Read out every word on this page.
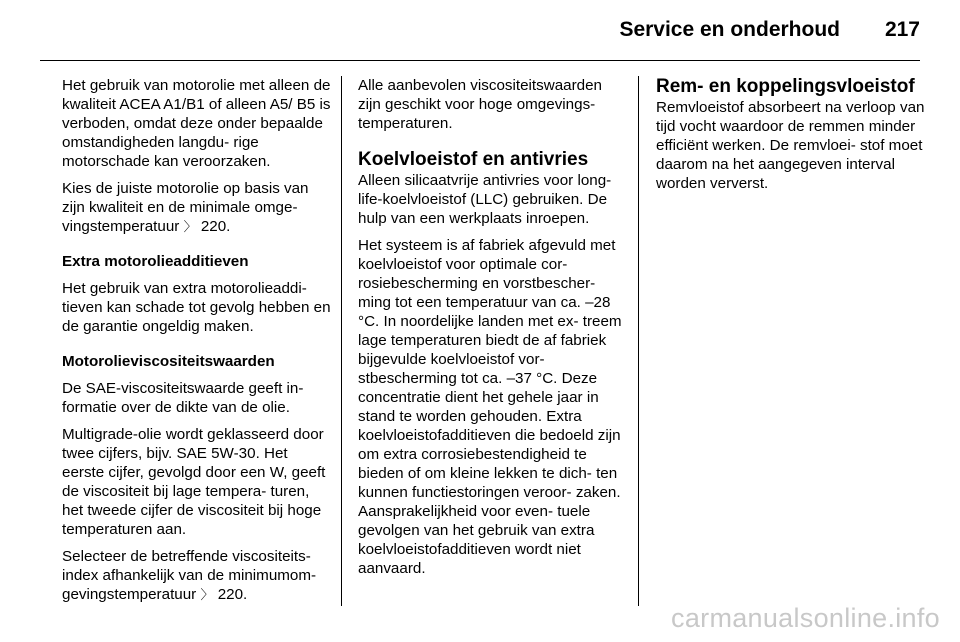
Service en onderhoud 217

Het gebruik van motorolie met alleen de kwaliteit ACEA A1/B1 of alleen A5/ B5 is verboden, omdat deze onder bepaalde omstandigheden langdu- rige motorschade kan veroorzaken.

Kies de juiste motorolie op basis van zijn kwaliteit en de minimale omge- vingstemperatuur 〉 220.

Extra motorolieadditieven

Het gebruik van extra motorolieaddi- tieven kan schade tot gevolg hebben en de garantie ongeldig maken.

Motorolieviscositeitswaarden

De SAE-viscositeitswaarde geeft in- formatie over de dikte van de olie.

Multigrade-olie wordt geklasseerd door twee cijfers, bijv. SAE 5W-30. Het eerste cijfer, gevolgd door een W, geeft de viscositeit bij lage tempera- turen, het tweede cijfer de viscositeit bij hoge temperaturen aan.

Selecteer de betreffende viscositeits- index afhankelijk van de minimumom- gevingstemperatuur 〉 220.

Alle aanbevolen viscositeitswaarden zijn geschikt voor hoge omgevings- temperaturen.

Koelvloeistof en antivries

Alleen silicaatvrije antivries voor long- life-koelvloeistof (LLC) gebruiken. De hulp van een werkplaats inroepen.

Het systeem is af fabriek afgevuld met koelvloeistof voor optimale cor- rosiebescherming en vorstbescher- ming tot een temperatuur van ca. –28 °C. In noordelijke landen met ex- treem lage temperaturen biedt de af fabriek bijgevulde koelvloeistof vor- stbescherming tot ca. –37 °C. Deze concentratie dient het gehele jaar in stand te worden gehouden. Extra koelvloeistofadditieven die bedoeld zijn om extra corrosiebestendigheid te bieden of om kleine lekken te dich- ten kunnen functiestoringen veroor- zaken. Aansprakelijkheid voor even- tuele gevolgen van het gebruik van extra koelvloeistofadditieven wordt niet aanvaard.

Rem- en koppelingsvloeistof

Remvloeistof absorbeert na verloop van tijd vocht waardoor de remmen minder efficiënt werken. De remvloei- stof moet daarom na het aangegeven interval worden ververst.

carmanualsonline.info
